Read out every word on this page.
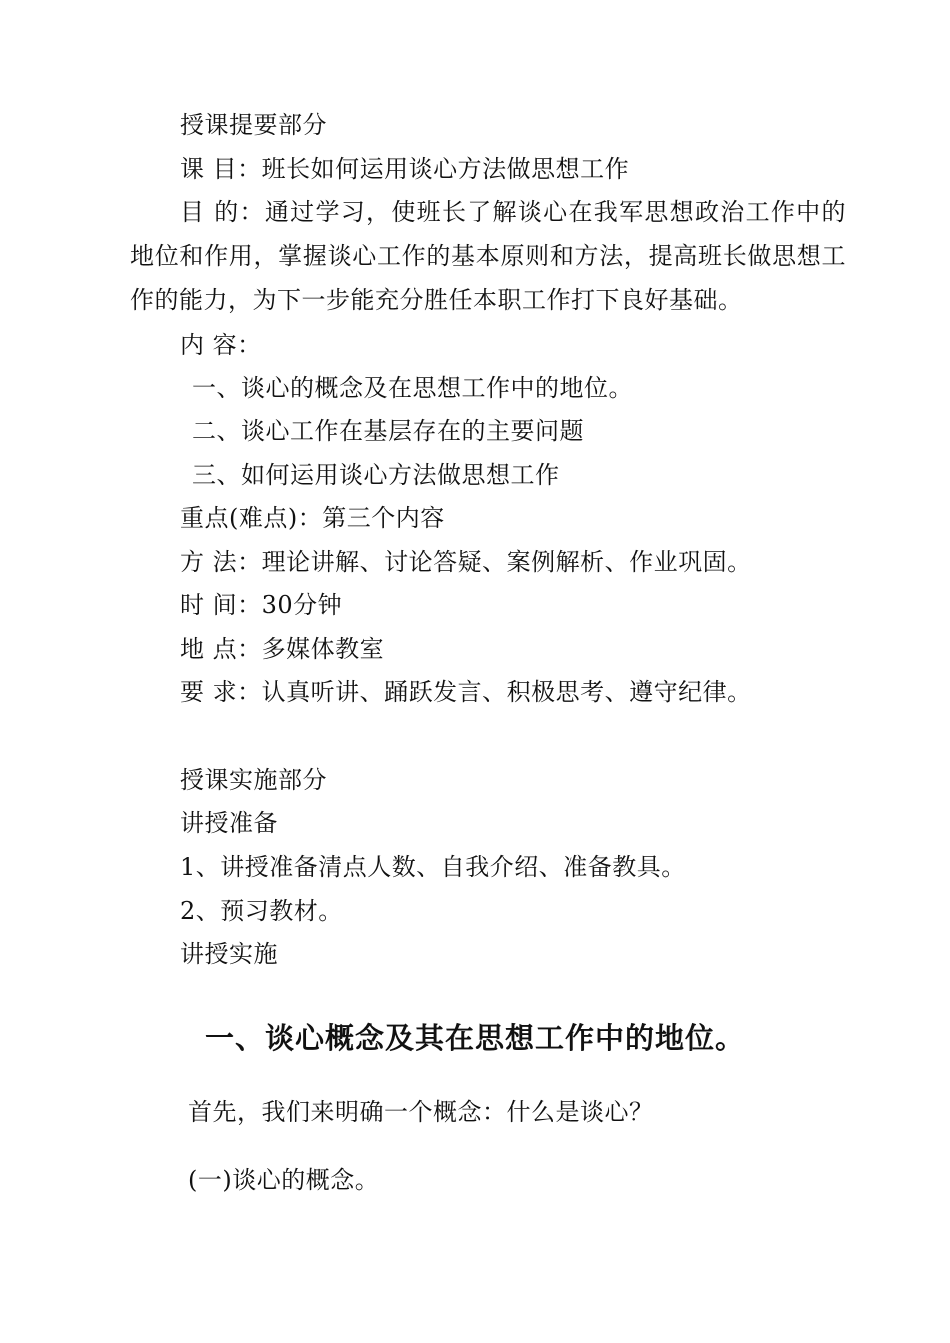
授课提要部分
课 目：班长如何运用谈心方法做思想工作
目 的：通过学习，使班长了解谈心在我军思想政治工作中的地位和作用，掌握谈心工作的基本原则和方法，提高班长做思想工作的能力，为下一步能充分胜任本职工作打下良好基础。
内 容：
一、谈心的概念及在思想工作中的地位。
二、谈心工作在基层存在的主要问题
三、如何运用谈心方法做思想工作
重点(难点)：第三个内容
方 法：理论讲解、讨论答疑、案例解析、作业巩固。
时 间：30分钟
地 点：多媒体教室
要 求：认真听讲、踊跃发言、积极思考、遵守纪律。
授课实施部分
讲授准备
1、讲授准备清点人数、自我介绍、准备教具。
2、预习教材。
讲授实施
一、谈心概念及其在思想工作中的地位。
首先，我们来明确一个概念：什么是谈心？
(一)谈心的概念。
